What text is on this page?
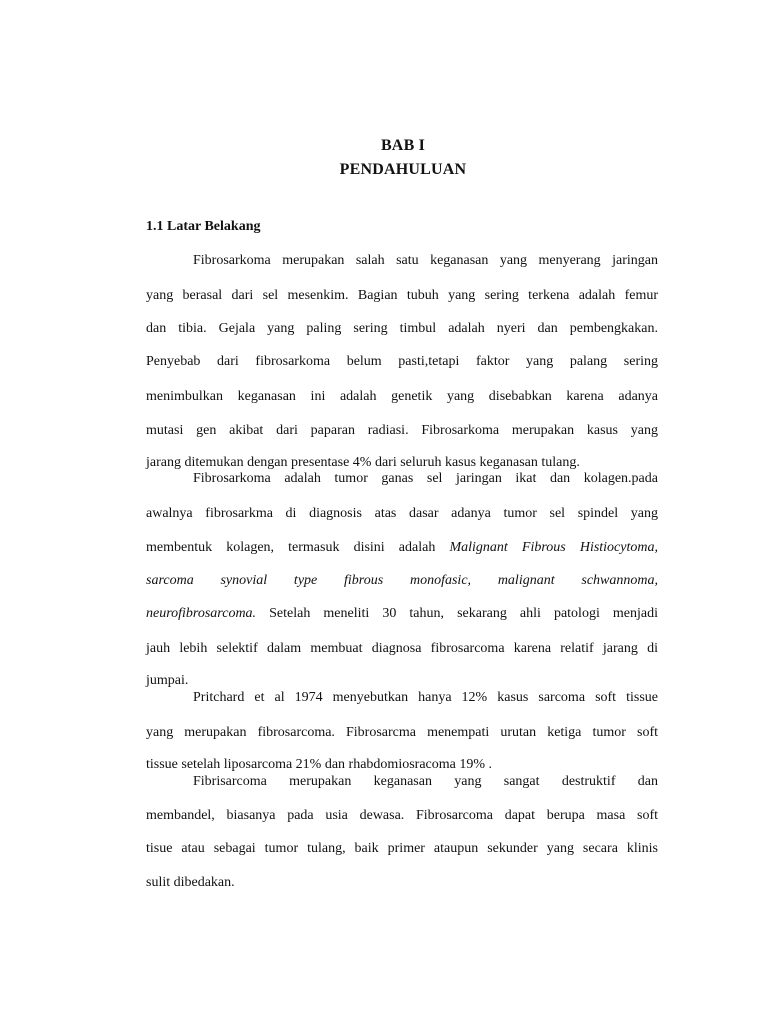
BAB I
PENDAHULUAN
1.1 Latar Belakang
Fibrosarkoma merupakan salah satu keganasan yang menyerang jaringan
yang berasal dari sel mesenkim. Bagian tubuh yang sering terkena adalah femur
dan tibia. Gejala yang paling sering timbul adalah nyeri dan pembengkakan.
Penyebab dari fibrosarkoma belum pasti,tetapi faktor yang palang sering
menimbulkan keganasan ini adalah genetik yang disebabkan karena adanya
mutasi gen akibat dari paparan radiasi. Fibrosarkoma merupakan kasus yang
jarang ditemukan dengan presentase 4% dari seluruh kasus keganasan tulang.
Fibrosarkoma adalah tumor ganas sel jaringan ikat dan kolagen.pada
awalnya fibrosarkma di diagnosis atas dasar adanya tumor sel spindel yang
membentuk kolagen, termasuk disini adalah Malignant Fibrous Histiocytoma,
sarcoma synovial type fibrous monofasic, malignant schwannoma,
neurofibrosarcoma. Setelah meneliti 30 tahun, sekarang ahli patologi menjadi
jauh lebih selektif dalam membuat diagnosa fibrosarcoma karena relatif jarang di
jumpai.
Pritchard et al 1974 menyebutkan hanya 12% kasus sarcoma soft tissue
yang merupakan fibrosarcoma. Fibrosarcma menempati urutan ketiga tumor soft
tissue setelah liposarcoma 21% dan rhabdomiosracoma 19% .
Fibrisarcoma merupakan keganasan yang sangat destruktif dan
membandel, biasanya pada usia dewasa. Fibrosarcoma dapat berupa masa soft
tisue atau sebagai tumor tulang, baik primer ataupun sekunder yang secara klinis
sulit dibedakan.
